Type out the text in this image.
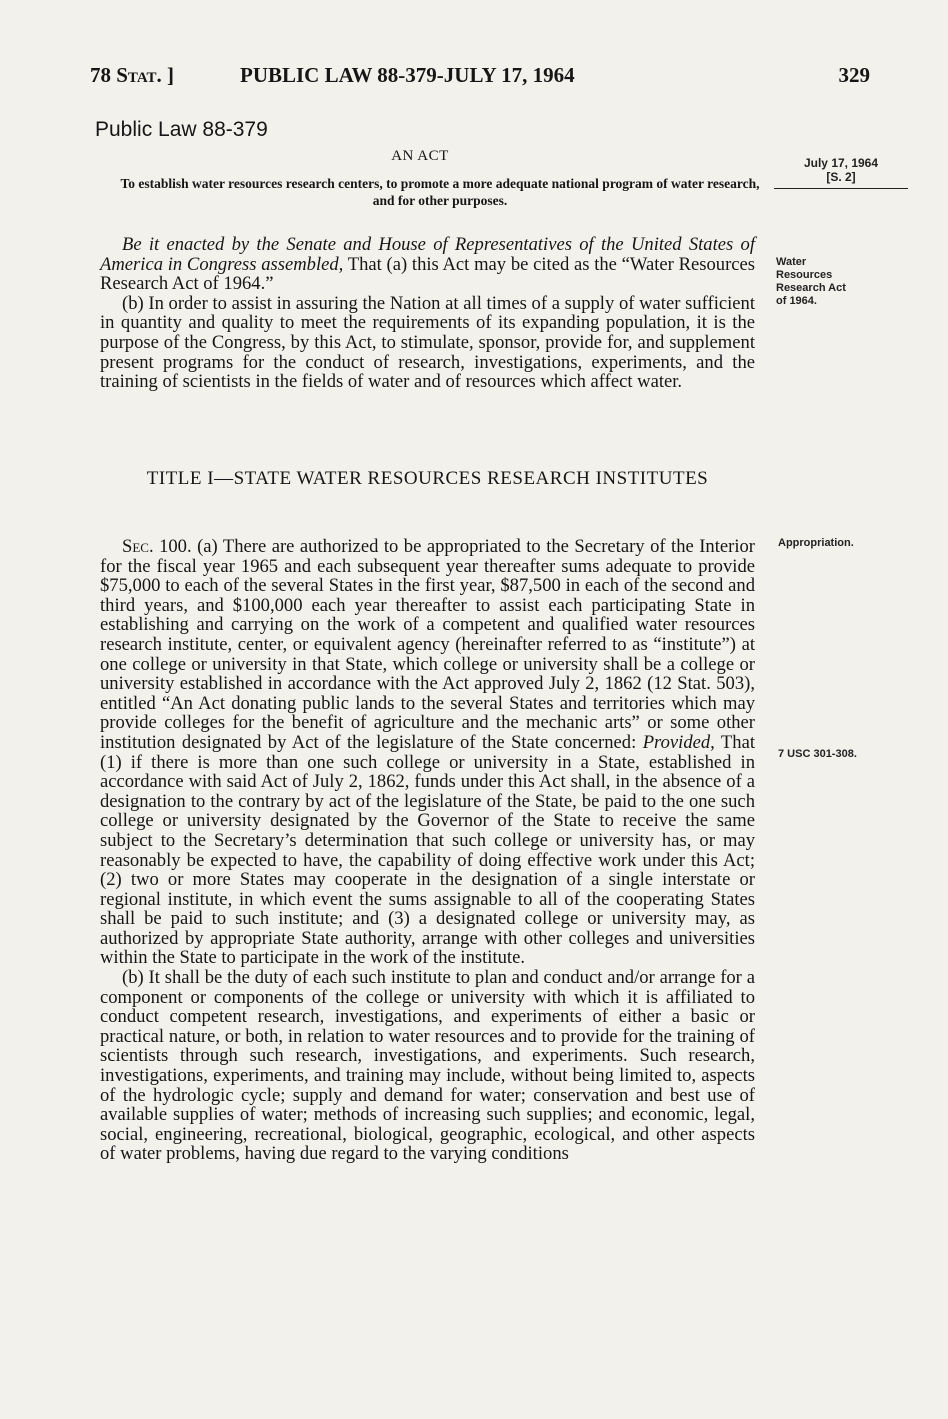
78 Stat. ]	PUBLIC LAW 88-379-JULY 17, 1964	329
Public Law 88-379
AN ACT
To establish water resources research centers, to promote a more adequate national program of water research, and for other purposes.
July 17, 1964
[S. 2]

Be it enacted by the Senate and House of Representatives of the United States of America in Congress assembled, That (a) this Act may be cited as the “Water Resources Research Act of 1964.”

(b) In order to assist in assuring the Nation at all times of a supply of water sufficient in quantity and quality to meet the requirements of its expanding population, it is the purpose of the Congress, by this Act, to stimulate, sponsor, provide for, and supplement present programs for the conduct of research, investigations, experiments, and the training of scientists in the fields of water and of resources which affect water.

Water Resources Research Act of 1964.
TITLE I—STATE WATER RESOURCES RESEARCH INSTITUTES

Sec. 100. (a) There are authorized to be appropriated to the Secretary of the Interior for the fiscal year 1965 and each subsequent year thereafter sums adequate to provide $75,000 to each of the several States in the first year, $87,500 in each of the second and third years, and $100,000 each year thereafter to assist each participating State in establishing and carrying on the work of a competent and qualified water resources research institute, center, or equivalent agency (hereinafter referred to as “institute”) at one college or university in that State, which college or university shall be a college or university established in accordance with the Act approved July 2, 1862 (12 Stat. 503), entitled “An Act donating public lands to the several States and territories which may provide colleges for the benefit of agriculture and the mechanic arts” or some other institution designated by Act of the legislature of the State concerned: Provided, That (1) if there is more than one such college or university in a State, established in accordance with said Act of July 2, 1862, funds under this Act shall, in the absence of a designation to the contrary by act of the legislature of the State, be paid to the one such college or university designated by the Governor of the State to receive the same subject to the Secretary’s determination that such college or university has, or may reasonably be expected to have, the capability of doing effective work under this Act; (2) two or more States may cooperate in the designation of a single interstate or regional institute, in which event the sums assignable to all of the cooperating States shall be paid to such institute; and (3) a designated college or university may, as authorized by appropriate State authority, arrange with other colleges and universities within the State to participate in the work of the institute.

(b) It shall be the duty of each such institute to plan and conduct and/or arrange for a component or components of the college or university with which it is affiliated to conduct competent research, investigations, and experiments of either a basic or practical nature, or both, in relation to water resources and to provide for the training of scientists through such research, investigations, and experiments. Such research, investigations, experiments, and training may include, without being limited to, aspects of the hydrologic cycle; supply and demand for water; conservation and best use of available supplies of water; methods of increasing such supplies; and economic, legal, social, engineering, recreational, biological, geographic, ecological, and other aspects of water problems, having due regard to the varying conditions

Appropriation.
7 USC 301-308.
